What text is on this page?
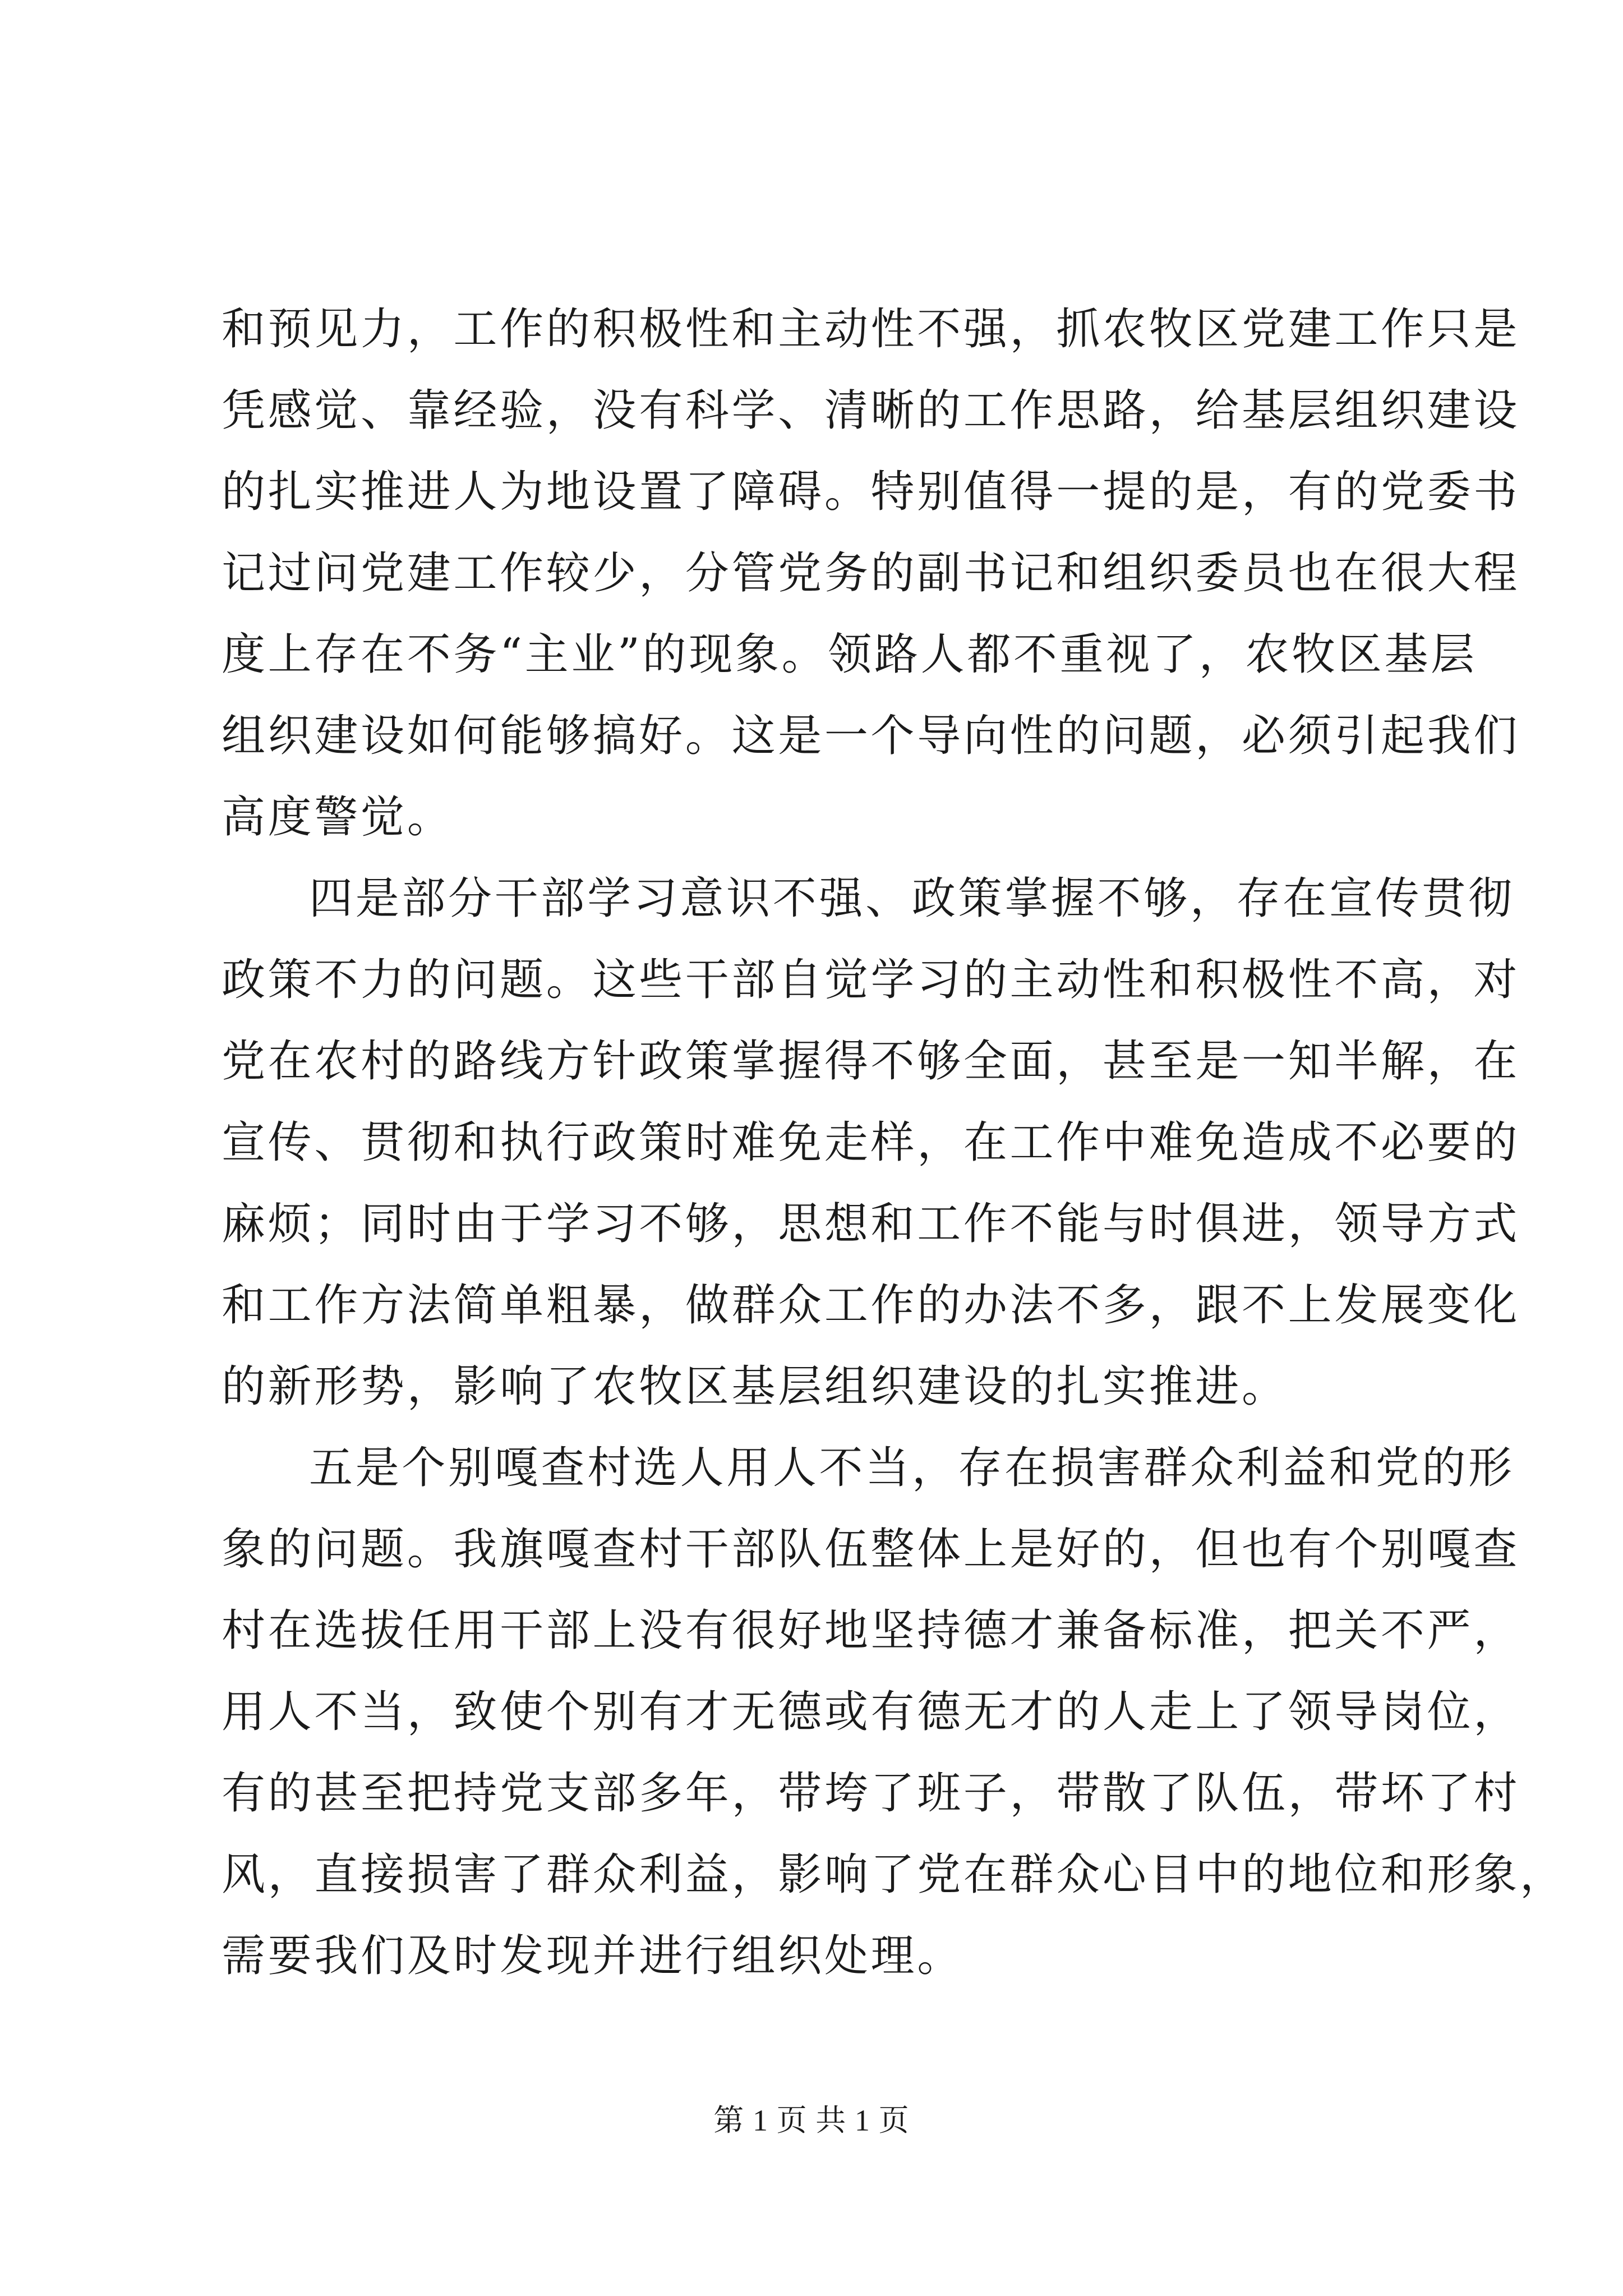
和预见力，工作的积极性和主动性不强，抓农牧区党建工作只是
凭感觉、靠经验，没有科学、清晰的工作思路，给基层组织建设
的扎实推进人为地设置了障碍。特别值得一提的是，有的党委书
记过问党建工作较少，分管党务的副书记和组织委员也在很大程
度上存在不务“主业”的现象。领路人都不重视了，农牧区基层
组织建设如何能够搞好。这是一个导向性的问题，必须引起我们
高度警觉。
四是部分干部学习意识不强、政策掌握不够，存在宣传贯彻
政策不力的问题。这些干部自觉学习的主动性和积极性不高，对
党在农村的路线方针政策掌握得不够全面，甚至是一知半解，在
宣传、贯彻和执行政策时难免走样，在工作中难免造成不必要的
麻烦；同时由于学习不够，思想和工作不能与时俱进，领导方式
和工作方法简单粗暴，做群众工作的办法不多，跟不上发展变化
的新形势，影响了农牧区基层组织建设的扎实推进。
五是个别嘎查村选人用人不当，存在损害群众利益和党的形
象的问题。我旗嘎查村干部队伍整体上是好的，但也有个别嘎查
村在选拔任用干部上没有很好地坚持德才兼备标准，把关不严，
用人不当，致使个别有才无德或有德无才的人走上了领导岗位，
有的甚至把持党支部多年，带垮了班子，带散了队伍，带坏了村
风，直接损害了群众利益，影响了党在群众心目中的地位和形象，
需要我们及时发现并进行组织处理。
第 1 页 共 1 页
